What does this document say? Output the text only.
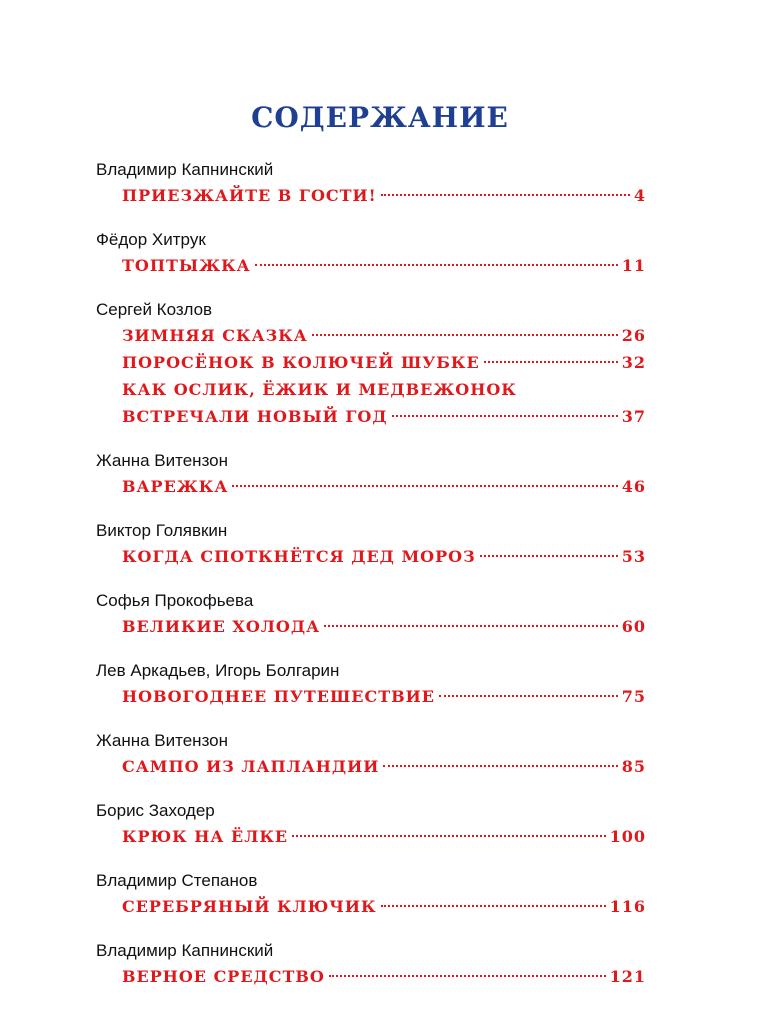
СОДЕРЖАНИЕ
Владимир Капнинский
ПРИЕЗЖАЙТЕ В ГОСТИ!	4
Фёдор Хитрук
ТОПТЫЖКА	11
Сергей Козлов
ЗИМНЯЯ СКАЗКА	26
ПОРОСЁНОК В КОЛЮЧЕЙ ШУБКЕ	32
КАК ОСЛИК, ЁЖИК И МЕДВЕЖОНОК
ВСТРЕЧАЛИ НОВЫЙ ГОД	37
Жанна Витензон
ВАРЕЖКА	46
Виктор Голявкин
КОГДА СПОТКНЁТСЯ ДЕД МОРОЗ	53
Софья Прокофьева
ВЕЛИКИЕ ХОЛОДА	60
Лев Аркадьев, Игорь Болгарин
НОВОГОДНЕЕ ПУТЕШЕСТВИЕ	75
Жанна Витензон
САМПО ИЗ ЛАПЛАНДИИ	85
Борис Заходер
КРЮК НА ЁЛКЕ	100
Владимир Степанов
СЕРЕБРЯНЫЙ КЛЮЧИК	116
Владимир Капнинский
ВЕРНОЕ СРЕДСТВО	121
